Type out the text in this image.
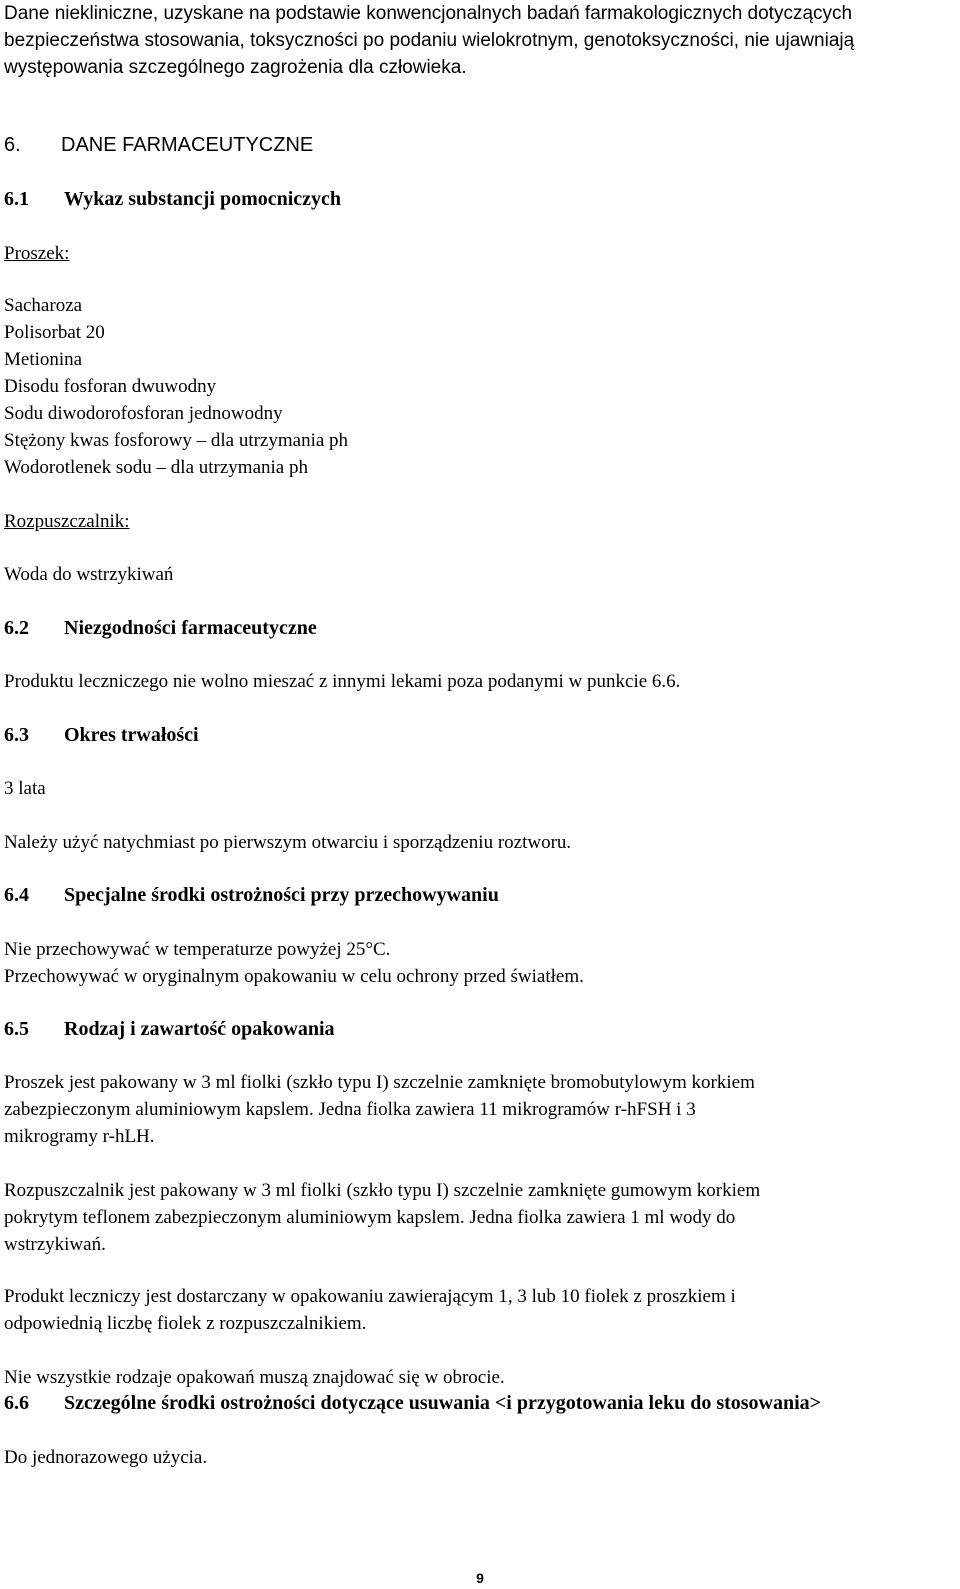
Dane niekliniczne, uzyskane na podstawie konwencjonalnych badań farmakologicznych dotyczących
bezpieczeństwa stosowania, toksyczności po podaniu wielokrotnym, genotoksyczności, nie ujawniają
występowania szczególnego zagrożenia dla człowieka.

6. DANE FARMACEUTYCZNE
6.1 Wykaz substancji pomocniczych
Proszek:
Sacharoza
Polisorbat 20
Metionina
Disodu fosforan dwuwodny
Sodu diwodorofosforan jednowodny
Stężony kwas fosforowy – dla utrzymania ph
Wodorotlenek sodu – dla utrzymania ph
Rozpuszczalnik:
Woda do wstrzykiwań
6.2 Niezgodności farmaceutyczne
Produktu leczniczego nie wolno mieszać z innymi lekami poza podanymi w punkcie 6.6.
6.3 Okres trwałości
3 lata
Należy użyć natychmiast po pierwszym otwarciu i sporządzeniu roztworu.
6.4 Specjalne środki ostrożności przy przechowywaniu
Nie przechowywać w temperaturze powyżej 25°C.
Przechowywać w oryginalnym opakowaniu w celu ochrony przed światłem.
6.5 Rodzaj i zawartość opakowania
Proszek jest pakowany w 3 ml fiolki (szkło typu I) szczelnie zamknięte bromobutylowym korkiem
zabezpieczonym aluminiowym kapslem. Jedna fiolka zawiera 11 mikrogramów r-hFSH i 3
mikrogramy r-hLH.
Rozpuszczalnik jest pakowany w 3 ml fiolki (szkło typu I) szczelnie zamknięte gumowym korkiem
pokrytym teflonem zabezpieczonym aluminiowym kapslem. Jedna fiolka zawiera 1 ml wody do
wstrzykiwań.
Produkt leczniczy jest dostarczany w opakowaniu zawierającym 1, 3 lub 10 fiolek z proszkiem i
odpowiednią liczbę fiolek z rozpuszczalnikiem.
Nie wszystkie rodzaje opakowań muszą znajdować się w obrocie.
6.6 Szczególne środki ostrożności dotyczące usuwania <i przygotowania leku do stosowania>
Do jednorazowego użycia.
9
